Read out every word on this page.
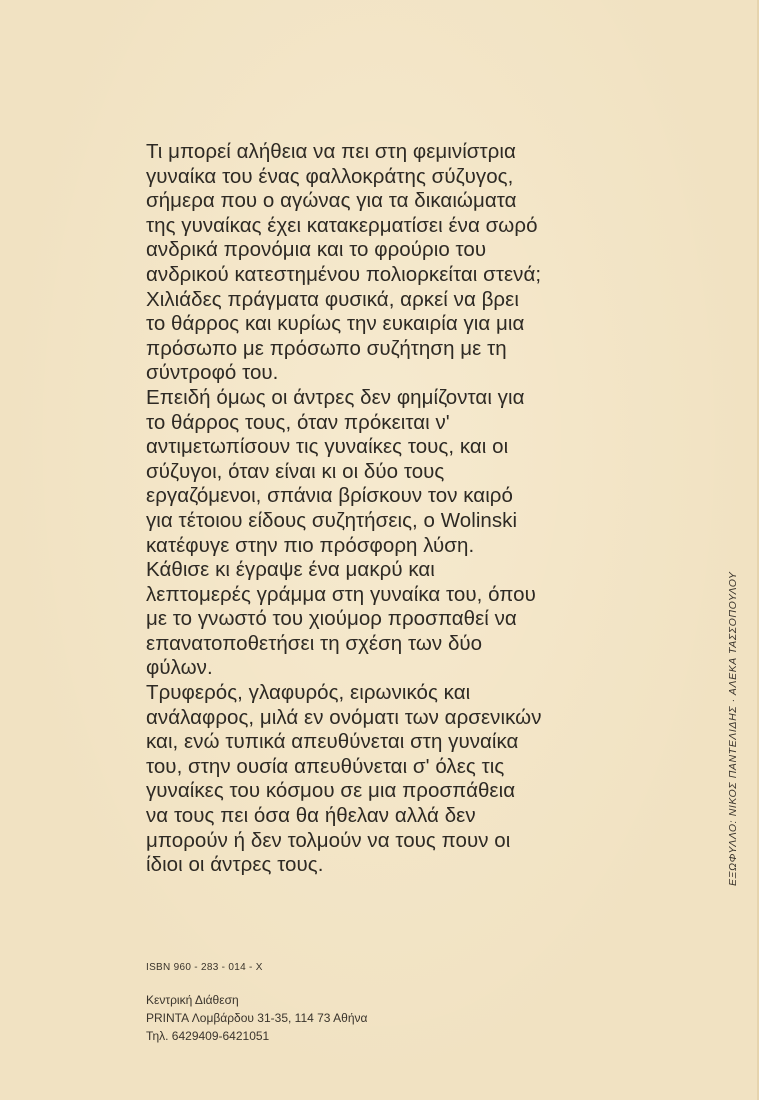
Τι μπορεί αλήθεια να πει στη φεμινίστρια
γυναίκα του ένας φαλλοκράτης σύζυγος,
σήμερα που ο αγώνας για τα δικαιώματα
της γυναίκας έχει κατακερματίσει ένα σωρό
ανδρικά προνόμια και το φρούριο του
ανδρικού κατεστημένου πολιορκείται στενά;
Χιλιάδες πράγματα φυσικά, αρκεί να βρει
το θάρρος και κυρίως την ευκαιρία για μια
πρόσωπο με πρόσωπο συζήτηση με τη
σύντροφό του.
Επειδή όμως οι άντρες δεν φημίζονται για
το θάρρος τους, όταν πρόκειται ν'
αντιμετωπίσουν τις γυναίκες τους, και οι
σύζυγοι, όταν είναι κι οι δύο τους
εργαζόμενοι, σπάνια βρίσκουν τον καιρό
για τέτοιου είδους συζητήσεις, ο Wolinski
κατέφυγε στην πιο πρόσφορη λύση.
Κάθισε κι έγραψε ένα μακρύ και
λεπτομερές γράμμα στη γυναίκα του, όπου
με το γνωστό του χιούμορ προσπαθεί να
επανατοποθετήσει τη σχέση των δύο
φύλων.
Τρυφερός, γλαφυρός, ειρωνικός και
ανάλαφρος, μιλά εν ονόματι των αρσενικών
και, ενώ τυπικά απευθύνεται στη γυναίκα
του, στην ουσία απευθύνεται σ' όλες τις
γυναίκες του κόσμου σε μια προσπάθεια
να τους πει όσα θα ήθελαν αλλά δεν
μπορούν ή δεν τολμούν να τους πουν οι
ίδιοι οι άντρες τους.	ΕΞΩΦΥΛΛΟ: ΝΙΚΟΣ ΠΑΝΤΕΛΙΔΗΣ · ΑΛΕΚΑ ΤΑΣΣΟΠΟΥΛΟΥ
ISBN 960 - 283 - 014 - X
Κεντρική Διάθεση
PRINTA Λομβάρδου 31-35, 114 73 Αθήνα
Τηλ. 6429409-6421051
